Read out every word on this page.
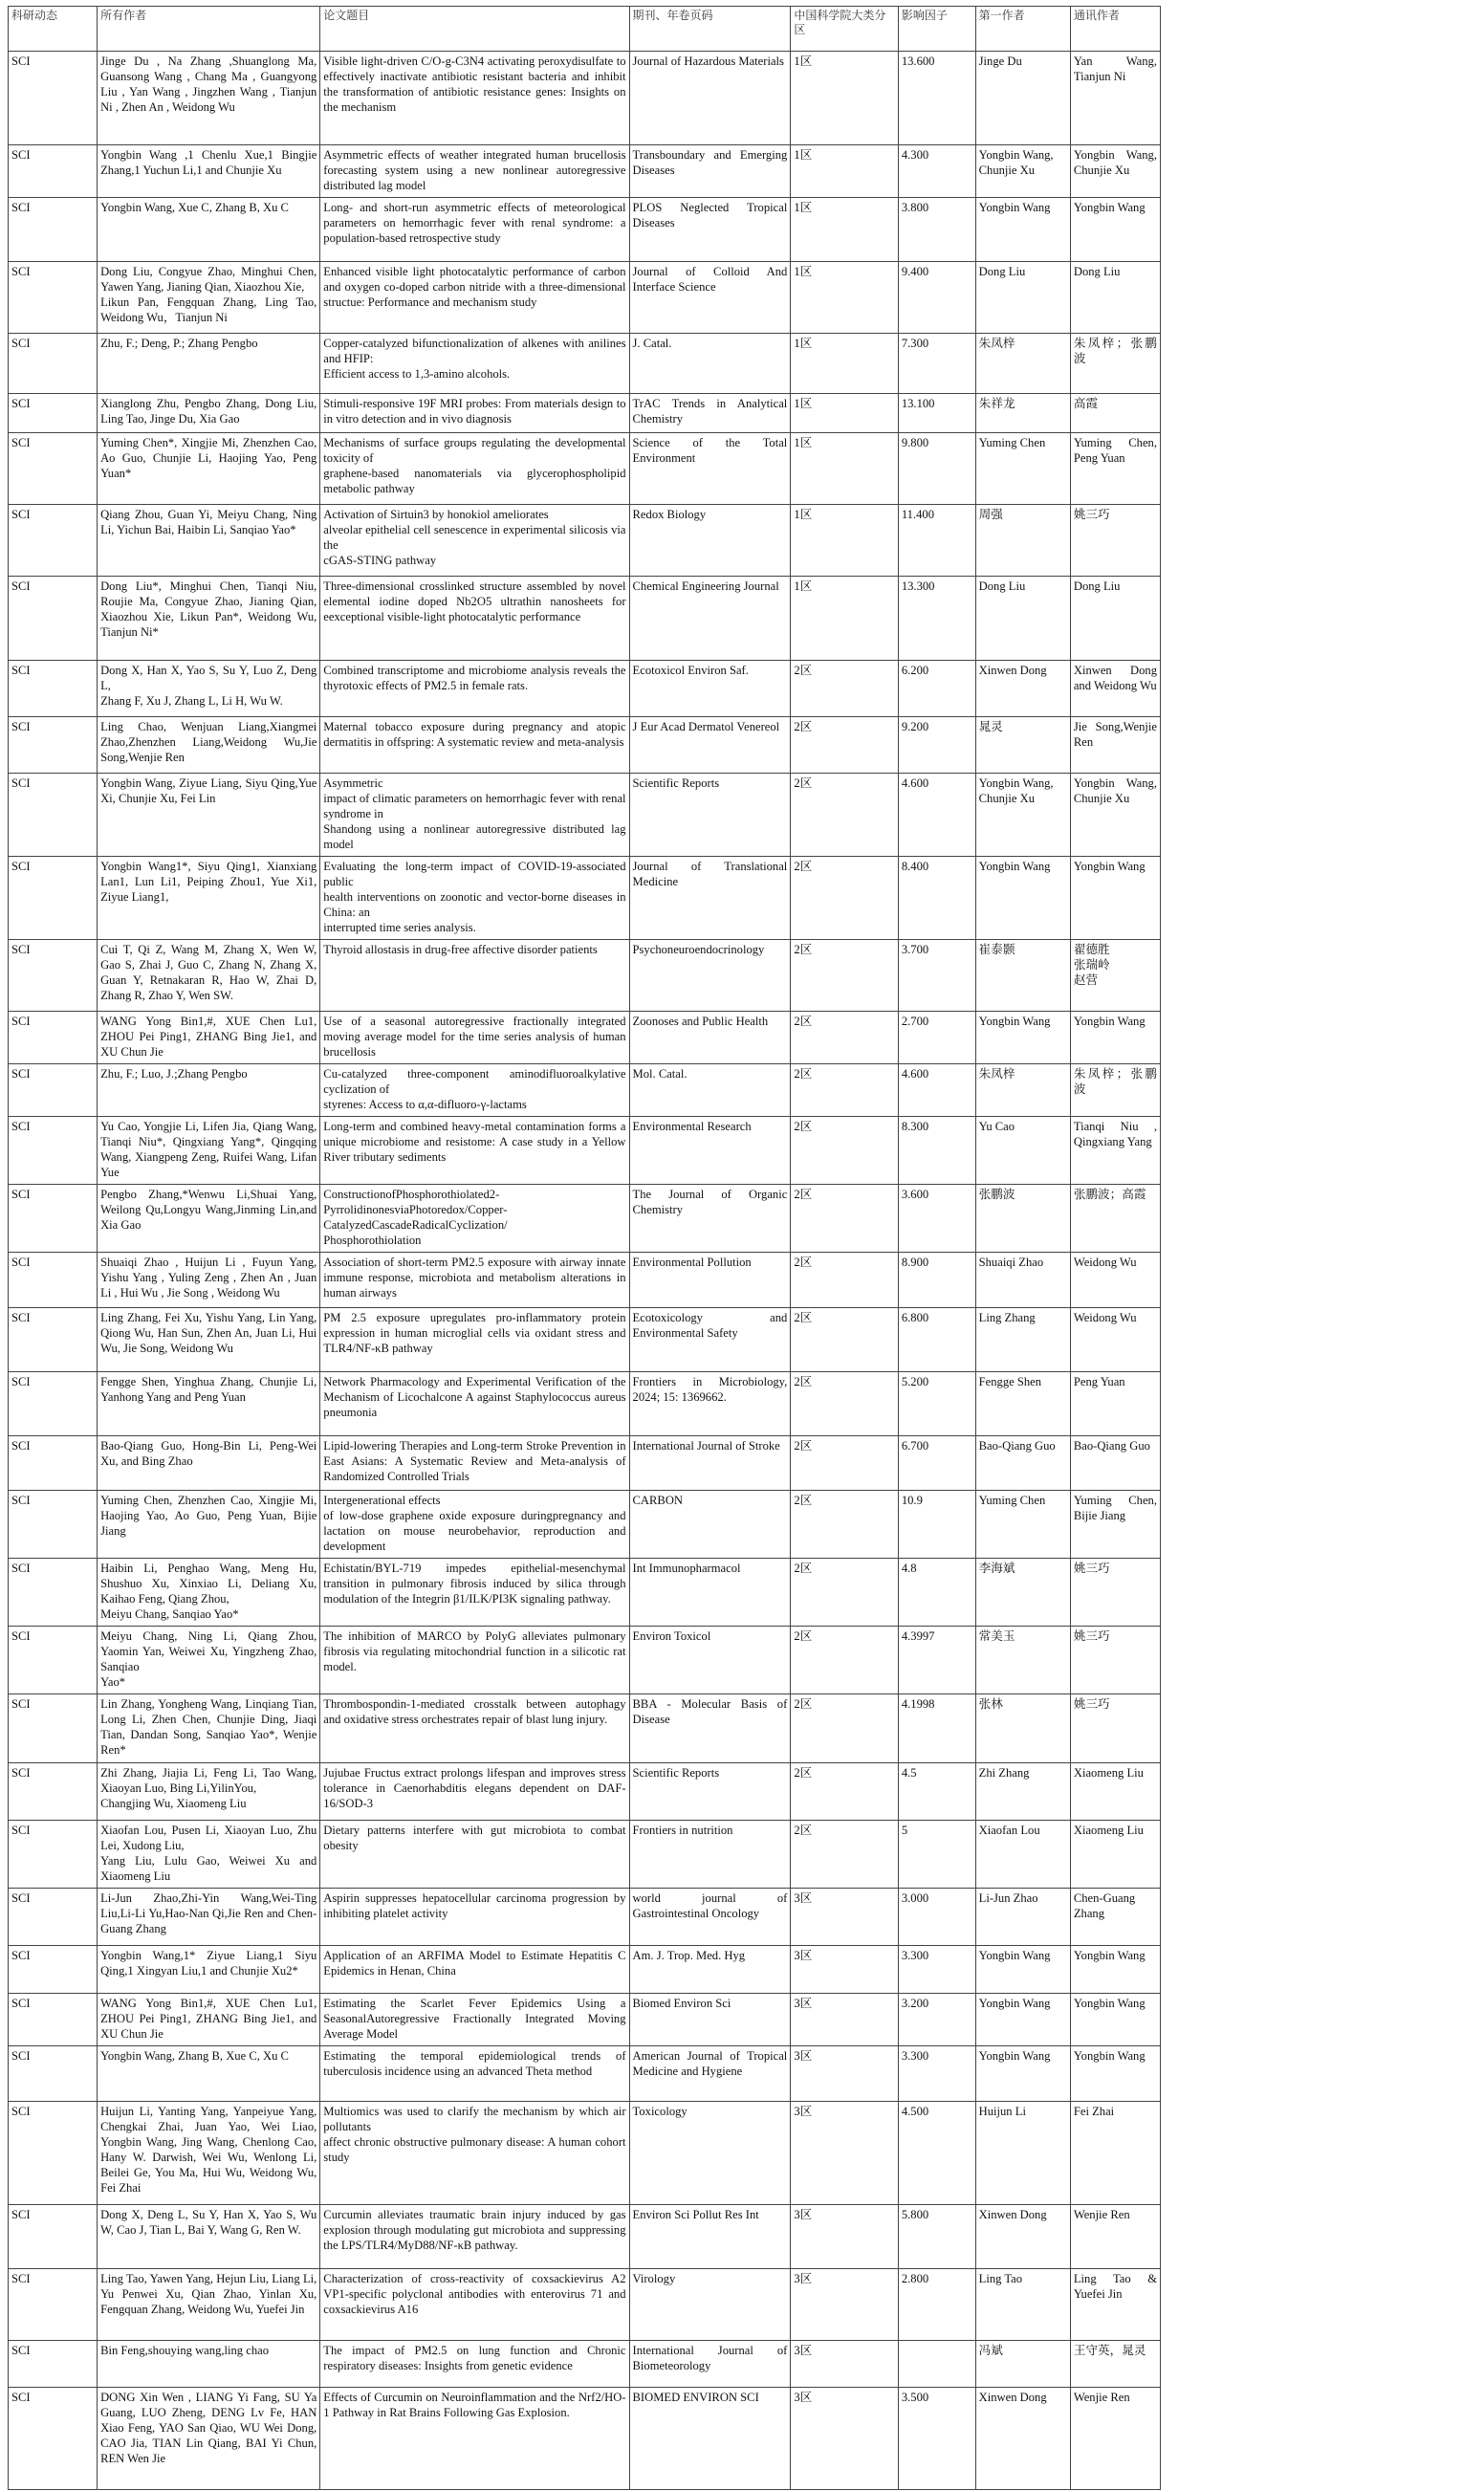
科研动态	所有作者	论文题目	期刊、年卷页码	中国科学院大类分区	影响因子	第一作者	通讯作者
SCI	Jinge Du , Na Zhang ,Shuanglong Ma, Guansong Wang , Chang Ma , Guangyong Liu , Yan Wang , Jingzhen Wang , Tianjun Ni , Zhen An , Weidong Wu	Visible light-driven C/O-g-C3N4 activating peroxydisulfate to effectively inactivate antibiotic resistant bacteria and inhibit the transformation of antibiotic resistance genes: Insights on the mechanism	Journal of Hazardous Materials	1区	13.600	Jinge Du	Yan Wang, Tianjun Ni
SCI	Yongbin Wang ,1 Chenlu Xue,1 Bingjie Zhang,1 Yuchun Li,1 and Chunjie Xu	Asymmetric effects of weather integrated human brucellosis forecasting system using a new nonlinear autoregressive distributed lag model	Transboundary and Emerging Diseases	1区	4.300	Yongbin Wang, Chunjie Xu	Yongbin Wang, Chunjie Xu
SCI	Yongbin Wang, Xue C, Zhang B, Xu C	Long- and short-run asymmetric effects of meteorological parameters on hemorrhagic fever with renal syndrome: a population-based retrospective study	PLOS Neglected Tropical Diseases	1区	3.800	Yongbin Wang	Yongbin Wang
SCI	Dong Liu, Congyue Zhao, Minghui Chen, Yawen Yang, Jianing Qian, Xiaozhou Xie,
Likun Pan, Fengquan Zhang, Ling Tao, Weidong Wu，Tianjun Ni	Enhanced visible light photocatalytic performance of carbon and oxygen co-doped carbon nitride with a three-dimensional structue: Performance and mechanism study	Journal of Colloid And Interface Science	1区	9.400	Dong Liu	Dong Liu
SCI	Zhu, F.; Deng, P.; Zhang Pengbo	Copper-catalyzed bifunctionalization of alkenes with anilines and HFIP:
Efficient access to 1,3-amino alcohols.	J. Catal.	1区	7.300	朱凤梓	朱凤梓；张鹏波
SCI	Xianglong Zhu, Pengbo Zhang, Dong Liu, Ling Tao, Jinge Du, Xia Gao	Stimuli-responsive 19F MRI probes: From materials design to in vitro detection and in vivo diagnosis	TrAC Trends in Analytical Chemistry	1区	13.100	朱祥龙	高霞
SCI	Yuming Chen*, Xingjie Mi, Zhenzhen Cao, Ao Guo, Chunjie Li, Haojing Yao, Peng Yuan*	Mechanisms of surface groups regulating the developmental toxicity of
graphene-based nanomaterials via glycerophospholipid metabolic pathway	Science of the Total Environment	1区	9.800	Yuming Chen	Yuming Chen, Peng Yuan
SCI	Qiang Zhou, Guan Yi, Meiyu Chang, Ning Li, Yichun Bai, Haibin Li, Sanqiao Yao*	Activation of Sirtuin3 by honokiol ameliorates
alveolar epithelial cell senescence in experimental silicosis via the
cGAS-STING pathway	Redox Biology	1区	11.400	周强	姚三巧
SCI	Dong Liu*, Minghui Chen, Tianqi Niu, Roujie Ma, Congyue Zhao, Jianing Qian, Xiaozhou Xie, Likun Pan*, Weidong Wu, Tianjun Ni*	Three-dimensional crosslinked structure assembled by novel elemental iodine doped Nb2O5 ultrathin nanosheets for eexceptional visible-light photocatalytic performance	Chemical Engineering Journal	1区	13.300	Dong Liu	Dong Liu
SCI	Dong X, Han X, Yao S, Su Y, Luo Z, Deng L,
Zhang F, Xu J, Zhang L, Li H, Wu W.	Combined transcriptome and microbiome analysis reveals the thyrotoxic effects of PM2.5 in female rats.	Ecotoxicol Environ Saf.	2区	6.200	Xinwen Dong	Xinwen Dong and Weidong Wu
SCI	Ling Chao, Wenjuan Liang,Xiangmei Zhao,Zhenzhen Liang,Weidong Wu,Jie Song,Wenjie Ren	Maternal tobacco exposure during pregnancy and atopic dermatitis in offspring: A systematic review and meta-analysis	J Eur Acad Dermatol Venereol	2区	9.200	晁灵	Jie Song,Wenjie Ren
SCI	Yongbin Wang, Ziyue Liang, Siyu Qing,Yue Xi, Chunjie Xu, Fei Lin	Asymmetric
impact of climatic parameters on hemorrhagic fever with renal syndrome in
Shandong using a nonlinear autoregressive distributed lag model	Scientific Reports	2区	4.600	Yongbin Wang, Chunjie Xu	Yongbin Wang, Chunjie Xu
SCI	Yongbin Wang1*, Siyu Qing1, Xianxiang Lan1, Lun Li1, Peiping Zhou1, Yue Xi1, Ziyue Liang1,	Evaluating the long-term impact of COVID-19-associated public
health interventions on zoonotic and vector-borne diseases in China: an
interrupted time series analysis.	Journal of Translational Medicine	2区	8.400	Yongbin Wang	Yongbin Wang
SCI	Cui T, Qi Z, Wang M, Zhang X, Wen W, Gao S, Zhai J, Guo C, Zhang N, Zhang X, Guan Y, Retnakaran R, Hao W, Zhai D, Zhang R, Zhao Y, Wen SW.	Thyroid allostasis in drug-free affective disorder patients	Psychoneuroendocrinology	2区	3.700	崔泰颢	翟德胜
张瑞岭
赵营
SCI	WANG Yong Bin1,#, XUE Chen Lu1, ZHOU Pei Ping1, ZHANG Bing Jie1, and XU Chun Jie	Use of a seasonal autoregressive fractionally integrated moving average model for the time series analysis of human brucellosis	Zoonoses and Public Health	2区	2.700	Yongbin Wang	Yongbin Wang
SCI	Zhu, F.; Luo, J.;Zhang Pengbo	Cu-catalyzed three-component aminodifluoroalkylative cyclization of
styrenes: Access to α,α-difluoro-γ-lactams	Mol. Catal.	2区	4.600	朱凤梓	朱凤梓；张鹏波
SCI	Yu Cao, Yongjie Li, Lifen Jia, Qiang Wang, Tianqi Niu*, Qingxiang Yang*, Qingqing Wang, Xiangpeng Zeng, Ruifei Wang, Lifan Yue	Long-term and combined heavy-metal contamination forms a unique microbiome and resistome: A case study in a Yellow River tributary sediments	Environmental Research	2区	8.300	Yu Cao	Tianqi Niu , Qingxiang Yang
SCI	Pengbo Zhang,*Wenwu Li,Shuai Yang, Weilong Qu,Longyu Wang,Jinming Lin,and Xia Gao	ConstructionofPhosphorothiolated2-PyrrolidinonesviaPhotoredox/Copper-CatalyzedCascadeRadicalCyclization/
Phosphorothiolation	The Journal of Organic Chemistry	2区	3.600	张鹏波	张鹏波；高霞
SCI	Shuaiqi Zhao , Huijun Li , Fuyun Yang, Yishu Yang , Yuling Zeng , Zhen An , Juan Li , Hui Wu , Jie Song , Weidong Wu	Association of short-term PM2.5 exposure with airway innate immune response, microbiota and metabolism alterations in human airways	Environmental Pollution	2区	8.900	Shuaiqi Zhao	Weidong Wu
SCI	Ling Zhang, Fei Xu, Yishu Yang, Lin Yang, Qiong Wu, Han Sun, Zhen An, Juan Li, Hui Wu, Jie Song, Weidong Wu	PM 2.5 exposure upregulates pro-inflammatory protein expression in human microglial cells via oxidant stress and TLR4/NF-κB pathway	Ecotoxicology and Environmental Safety	2区	6.800	Ling Zhang	Weidong Wu
SCI	Fengge Shen, Yinghua Zhang, Chunjie Li, Yanhong Yang and Peng Yuan	Network Pharmacology and Experimental Verification of the Mechanism of Licochalcone A against Staphylococcus aureus pneumonia	Frontiers in Microbiology, 2024; 15: 1369662.	2区	5.200	Fengge Shen	Peng Yuan
SCI	Bao-Qiang Guo, Hong-Bin Li, Peng-Wei Xu, and Bing Zhao	Lipid-lowering Therapies and Long-term Stroke Prevention in East Asians: A Systematic Review and Meta-analysis of Randomized Controlled Trials	International Journal of Stroke	2区	6.700	Bao-Qiang Guo	Bao-Qiang Guo
SCI	Yuming Chen, Zhenzhen Cao, Xingjie Mi, Haojing Yao, Ao Guo, Peng Yuan, Bijie Jiang	Intergenerational effects
of low-dose graphene oxide exposure duringpregnancy and lactation on mouse neurobehavior, reproduction and development	CARBON	2区	10.9	Yuming Chen	Yuming Chen, Bijie Jiang
SCI	Haibin Li, Penghao Wang, Meng Hu, Shushuo Xu, Xinxiao Li, Deliang Xu, Kaihao Feng, Qiang Zhou,
Meiyu Chang, Sanqiao Yao*	Echistatin/BYL-719 impedes epithelial-mesenchymal transition in pulmonary fibrosis induced by silica through modulation of the Integrin β1/ILK/PI3K signaling pathway.	Int Immunopharmacol	2区	4.8	李海斌	姚三巧
SCI	Meiyu Chang, Ning Li, Qiang Zhou, Yaomin Yan, Weiwei Xu, Yingzheng Zhao, Sanqiao
Yao*	The inhibition of MARCO by PolyG alleviates pulmonary fibrosis via regulating mitochondrial function in a silicotic rat model.	Environ Toxicol	2区	4.3997	常美玉	姚三巧
SCI	Lin Zhang, Yongheng Wang, Linqiang Tian, Long Li, Zhen Chen, Chunjie Ding, Jiaqi Tian, Dandan Song, Sanqiao Yao*, Wenjie Ren*	Thrombospondin-1-mediated crosstalk between autophagy and oxidative stress orchestrates repair of blast lung injury.	BBA - Molecular Basis of Disease	2区	4.1998	张林	姚三巧
SCI	Zhi Zhang, Jiajia Li, Feng Li, Tao Wang, Xiaoyan Luo, Bing Li,YilinYou,
Changjing Wu, Xiaomeng Liu	Jujubae Fructus extract prolongs lifespan and improves stress tolerance in Caenorhabditis elegans dependent on DAF-16/SOD-3	Scientific Reports	2区	4.5	Zhi Zhang	Xiaomeng Liu
SCI	Xiaofan Lou, Pusen Li, Xiaoyan Luo, Zhu Lei, Xudong Liu,
Yang Liu, Lulu Gao, Weiwei Xu and Xiaomeng Liu	Dietary patterns interfere with gut microbiota to combat obesity	Frontiers in nutrition	2区	5	Xiaofan Lou	Xiaomeng Liu
SCI	Li-Jun Zhao,Zhi-Yin Wang,Wei-Ting Liu,Li-Li Yu,Hao-Nan Qi,Jie Ren and Chen-Guang Zhang	Aspirin suppresses hepatocellular carcinoma progression by inhibiting platelet activity	world journal of Gastrointestinal Oncology	3区	3.000	Li-Jun Zhao	Chen-Guang Zhang
SCI	Yongbin Wang,1* Ziyue Liang,1 Siyu Qing,1 Xingyan Liu,1 and Chunjie Xu2*	Application of an ARFIMA Model to Estimate Hepatitis C Epidemics in Henan, China	Am. J. Trop. Med. Hyg	3区	3.300	Yongbin Wang	Yongbin Wang
SCI	WANG Yong Bin1,#, XUE Chen Lu1, ZHOU Pei Ping1, ZHANG Bing Jie1, and XU Chun Jie	Estimating the Scarlet Fever Epidemics Using a SeasonalAutoregressive Fractionally Integrated Moving Average Model	Biomed Environ Sci	3区	3.200	Yongbin Wang	Yongbin Wang
SCI	Yongbin Wang, Zhang B, Xue C, Xu C	Estimating the temporal epidemiological trends of tuberculosis incidence using an advanced Theta method	American Journal of Tropical Medicine and Hygiene	3区	3.300	Yongbin Wang	Yongbin Wang
SCI	Huijun Li, Yanting Yang, Yanpeiyue Yang, Chengkai Zhai, Juan Yao, Wei Liao, Yongbin Wang, Jing Wang, Chenlong Cao, Hany W. Darwish, Wei Wu, Wenlong Li, Beilei Ge, You Ma, Hui Wu, Weidong Wu, Fei Zhai	Multiomics was used to clarify the mechanism by which air pollutants
affect chronic obstructive pulmonary disease: A human cohort study	Toxicology	3区	4.500	Huijun Li	Fei Zhai
SCI	Dong X, Deng L, Su Y, Han X, Yao S, Wu W, Cao J, Tian L, Bai Y, Wang G, Ren W.	Curcumin alleviates traumatic brain injury induced by gas explosion through modulating gut microbiota and suppressing the LPS/TLR4/MyD88/NF-κB pathway.	Environ Sci Pollut Res Int	3区	5.800	Xinwen Dong	Wenjie Ren
SCI	Ling Tao, Yawen Yang, Hejun Liu, Liang Li, Yu Penwei Xu, Qian Zhao, Yinlan Xu, Fengquan Zhang, Weidong Wu, Yuefei Jin	Characterization of cross-reactivity of coxsackievirus A2 VP1-specific polyclonal antibodies with enterovirus 71 and coxsackievirus A16	Virology	3区	2.800	Ling Tao	Ling Tao & Yuefei Jin
SCI	Bin Feng,shouying wang,ling chao	The impact of PM2.5 on lung function and Chronic respiratory diseases: Insights from genetic evidence	International Journal of Biometeorology	3区		冯斌	王守英，晁灵
SCI	DONG Xin Wen , LIANG Yi Fang, SU Ya Guang, LUO Zheng, DENG Lv Fe, HAN Xiao Feng, YAO San Qiao, WU Wei Dong, CAO Jia, TIAN Lin Qiang, BAI Yi Chun, REN Wen Jie	Effects of Curcumin on Neuroinflammation and the Nrf2/HO-1 Pathway in Rat Brains Following Gas Explosion.	BIOMED ENVIRON SCI	3区	3.500	Xinwen Dong	Wenjie Ren
